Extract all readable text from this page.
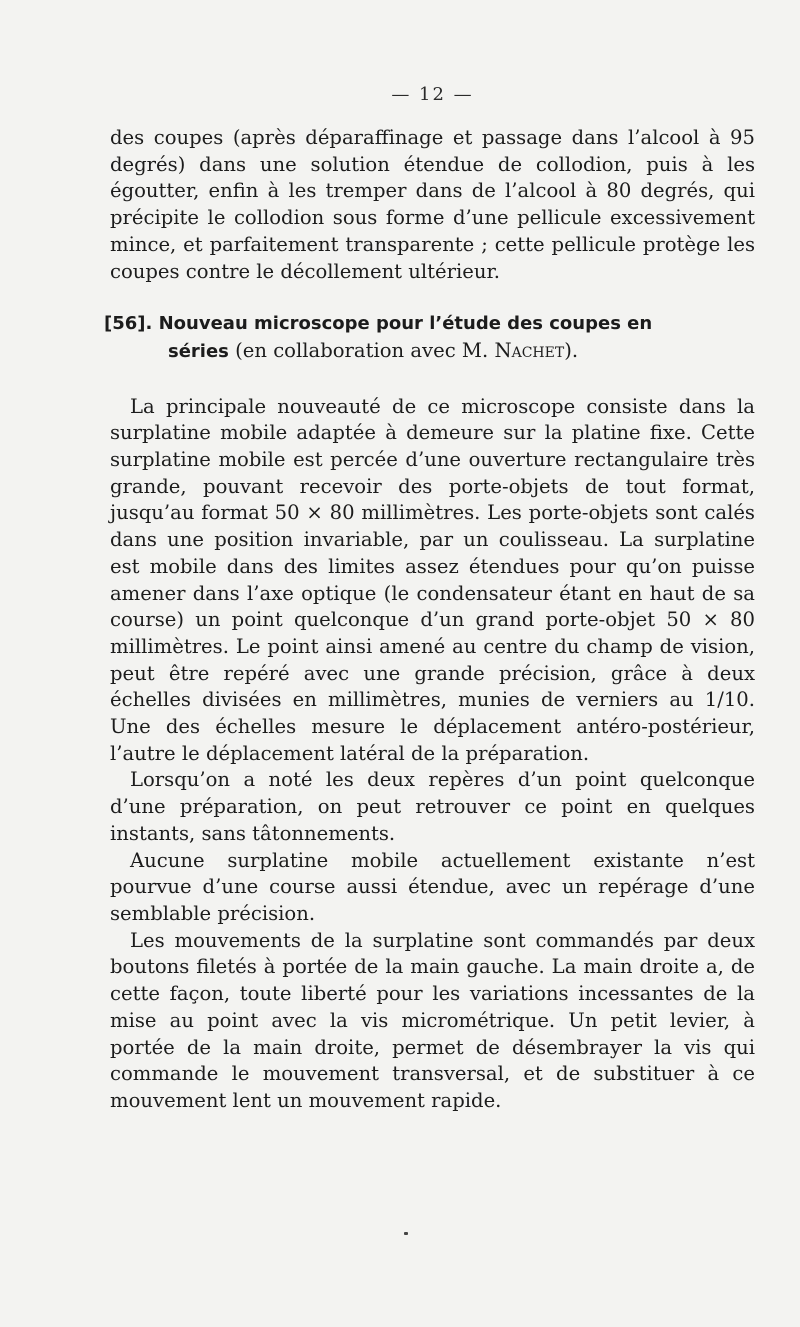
— 12 —

des coupes (après déparaffinage et passage dans l’alcool à 95 degrés) dans une solution étendue de collodion, puis à les égoutter, enfin à les tremper dans de l’alcool à 80 degrés, qui précipite le collodion sous forme d’une pellicule excessivement mince, et parfaitement transparente ; cette pellicule protège les coupes contre le décollement ultérieur.

[56]. Nouveau microscope pour l’étude des coupes en

séries (en collaboration avec M. Nachet).

La principale nouveauté de ce microscope consiste dans la surplatine mobile adaptée à demeure sur la platine fixe. Cette surplatine mobile est percée d’une ouverture rectangulaire très grande, pouvant recevoir des porte-objets de tout format, jusqu’au format 50 × 80 millimètres. Les porte-objets sont calés dans une position invariable, par un coulisseau. La surplatine est mobile dans des limites assez étendues pour qu’on puisse amener dans l’axe optique (le condensateur étant en haut de sa course) un point quelconque d’un grand porte-objet 50 × 80 millimètres. Le point ainsi amené au centre du champ de vision, peut être repéré avec une grande précision, grâce à deux échelles divisées en millimètres, munies de verniers au 1/10. Une des échelles mesure le déplacement antéro-postérieur, l’autre le déplacement latéral de la préparation.

Lorsqu’on a noté les deux repères d’un point quelconque d’une préparation, on peut retrouver ce point en quelques instants, sans tâtonnements.

Aucune surplatine mobile actuellement existante n’est pourvue d’une course aussi étendue, avec un repérage d’une semblable précision.

Les mouvements de la surplatine sont commandés par deux boutons filetés à portée de la main gauche. La main droite a, de cette façon, toute liberté pour les variations incessantes de la mise au point avec la vis micrométrique. Un petit levier, à portée de la main droite, permet de désembrayer la vis qui commande le mouvement transversal, et de substituer à ce mouvement lent un mouvement rapide.
